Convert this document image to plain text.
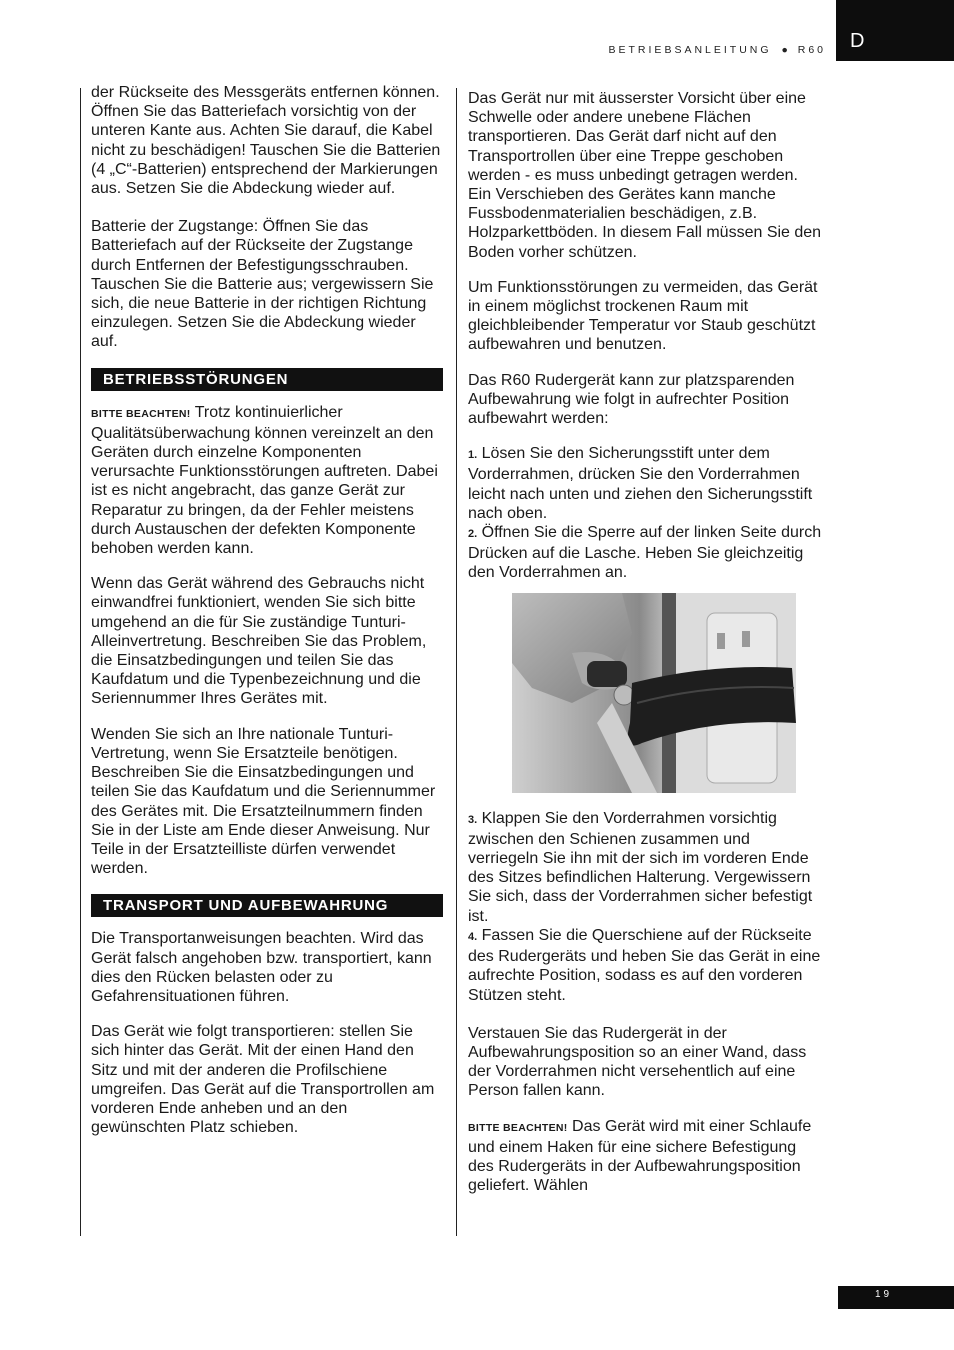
BETRIEBSANLEITUNG ● R60 D

der Rückseite des Messgeräts entfernen können. Öffnen Sie das Batteriefach vorsichtig von der unteren Kante aus. Achten Sie darauf, die Kabel nicht zu beschädigen! Tauschen Sie die Batterien (4 „C“-Batterien) entsprechend der Markierungen aus. Setzen Sie die Abdeckung wieder auf.

Batterie der Zugstange: Öffnen Sie das Batteriefach auf der Rückseite der Zugstange durch Entfernen der Befestigungsschrauben. Tauschen Sie die Batterie aus; vergewissern Sie sich, die neue Batterie in der richtigen Richtung einzulegen. Setzen Sie die Abdeckung wieder auf.

BETRIEBSSTÖRUNGEN

BITTE BEACHTEN! Trotz kontinuierlicher Qualitätsüberwachung können vereinzelt an den Geräten durch einzelne Komponenten verursachte Funktionsstörungen auftreten. Dabei ist es nicht angebracht, das ganze Gerät zur Reparatur zu bringen, da der Fehler meistens durch Austauschen der defekten Komponente behoben werden kann.

Wenn das Gerät während des Gebrauchs nicht einwandfrei funktioniert, wenden Sie sich bitte umgehend an die für Sie zuständige Tunturi-Alleinvertretung. Beschreiben Sie das Problem, die Einsatzbedingungen und teilen Sie das Kaufdatum und die Typenbezeichnung und die Seriennummer Ihres Gerätes mit.

Wenden Sie sich an Ihre nationale Tunturi-Vertretung, wenn Sie Ersatzteile benötigen. Beschreiben Sie die Einsatzbedingungen und teilen Sie das Kaufdatum und die Seriennummer des Gerätes mit. Die Ersatzteilnummern finden Sie in der Liste am Ende dieser Anweisung. Nur Teile in der Ersatzteilliste dürfen verwendet werden.

TRANSPORT UND AUFBEWAHRUNG

Die Transportanweisungen beachten. Wird das Gerät falsch angehoben bzw. transportiert, kann dies den Rücken belasten oder zu Gefahrensituationen führen.

Das Gerät wie folgt transportieren: stellen Sie sich hinter das Gerät. Mit der einen Hand den Sitz und mit der anderen die Profilschiene umgreifen. Das Gerät auf die Transportrollen am vorderen Ende anheben und an den gewünschten Platz schieben.

Das Gerät nur mit äusserster Vorsicht über eine Schwelle oder andere unebene Flächen transportieren. Das Gerät darf nicht auf den Transportrollen über eine Treppe geschoben werden - es muss unbedingt getragen werden. Ein Verschieben des Gerätes kann manche Fussbodenmaterialien beschädigen, z.B. Holzparkettböden. In diesem Fall müssen Sie den Boden vorher schützen.

Um Funktionsstörungen zu vermeiden, das Gerät in einem möglichst trockenen Raum mit gleichbleibender Temperatur vor Staub geschützt aufbewahren und benutzen.

Das R60 Rudergerät kann zur platzsparenden Aufbewahrung wie folgt in aufrechter Position aufbewahrt werden:

1. Lösen Sie den Sicherungsstift unter dem Vorderrahmen, drücken Sie den Vorderrahmen leicht nach unten und ziehen den Sicherungsstift nach oben.

2. Öffnen Sie die Sperre auf der linken Seite durch Drücken auf die Lasche. Heben Sie gleichzeitig den Vorderrahmen an.

3. Klappen Sie den Vorderrahmen vorsichtig zwischen den Schienen zusammen und verriegeln Sie ihn mit der sich im vorderen Ende des Sitzes befindlichen Halterung. Vergewissern Sie sich, dass der Vorderrahmen sicher befestigt ist.

4. Fassen Sie die Querschiene auf der Rückseite des Rudergeräts und heben Sie das Gerät in eine aufrechte Position, sodass es auf den vorderen Stützen steht.

Verstauen Sie das Rudergerät in der Aufbewahrungsposition so an einer Wand, dass der Vorderrahmen nicht versehentlich auf eine Person fallen kann.

BITTE BEACHTEN! Das Gerät wird mit einer Schlaufe und einem Haken für eine sichere Befestigung des Rudergeräts in der Aufbewahrungsposition geliefert. Wählen

19
